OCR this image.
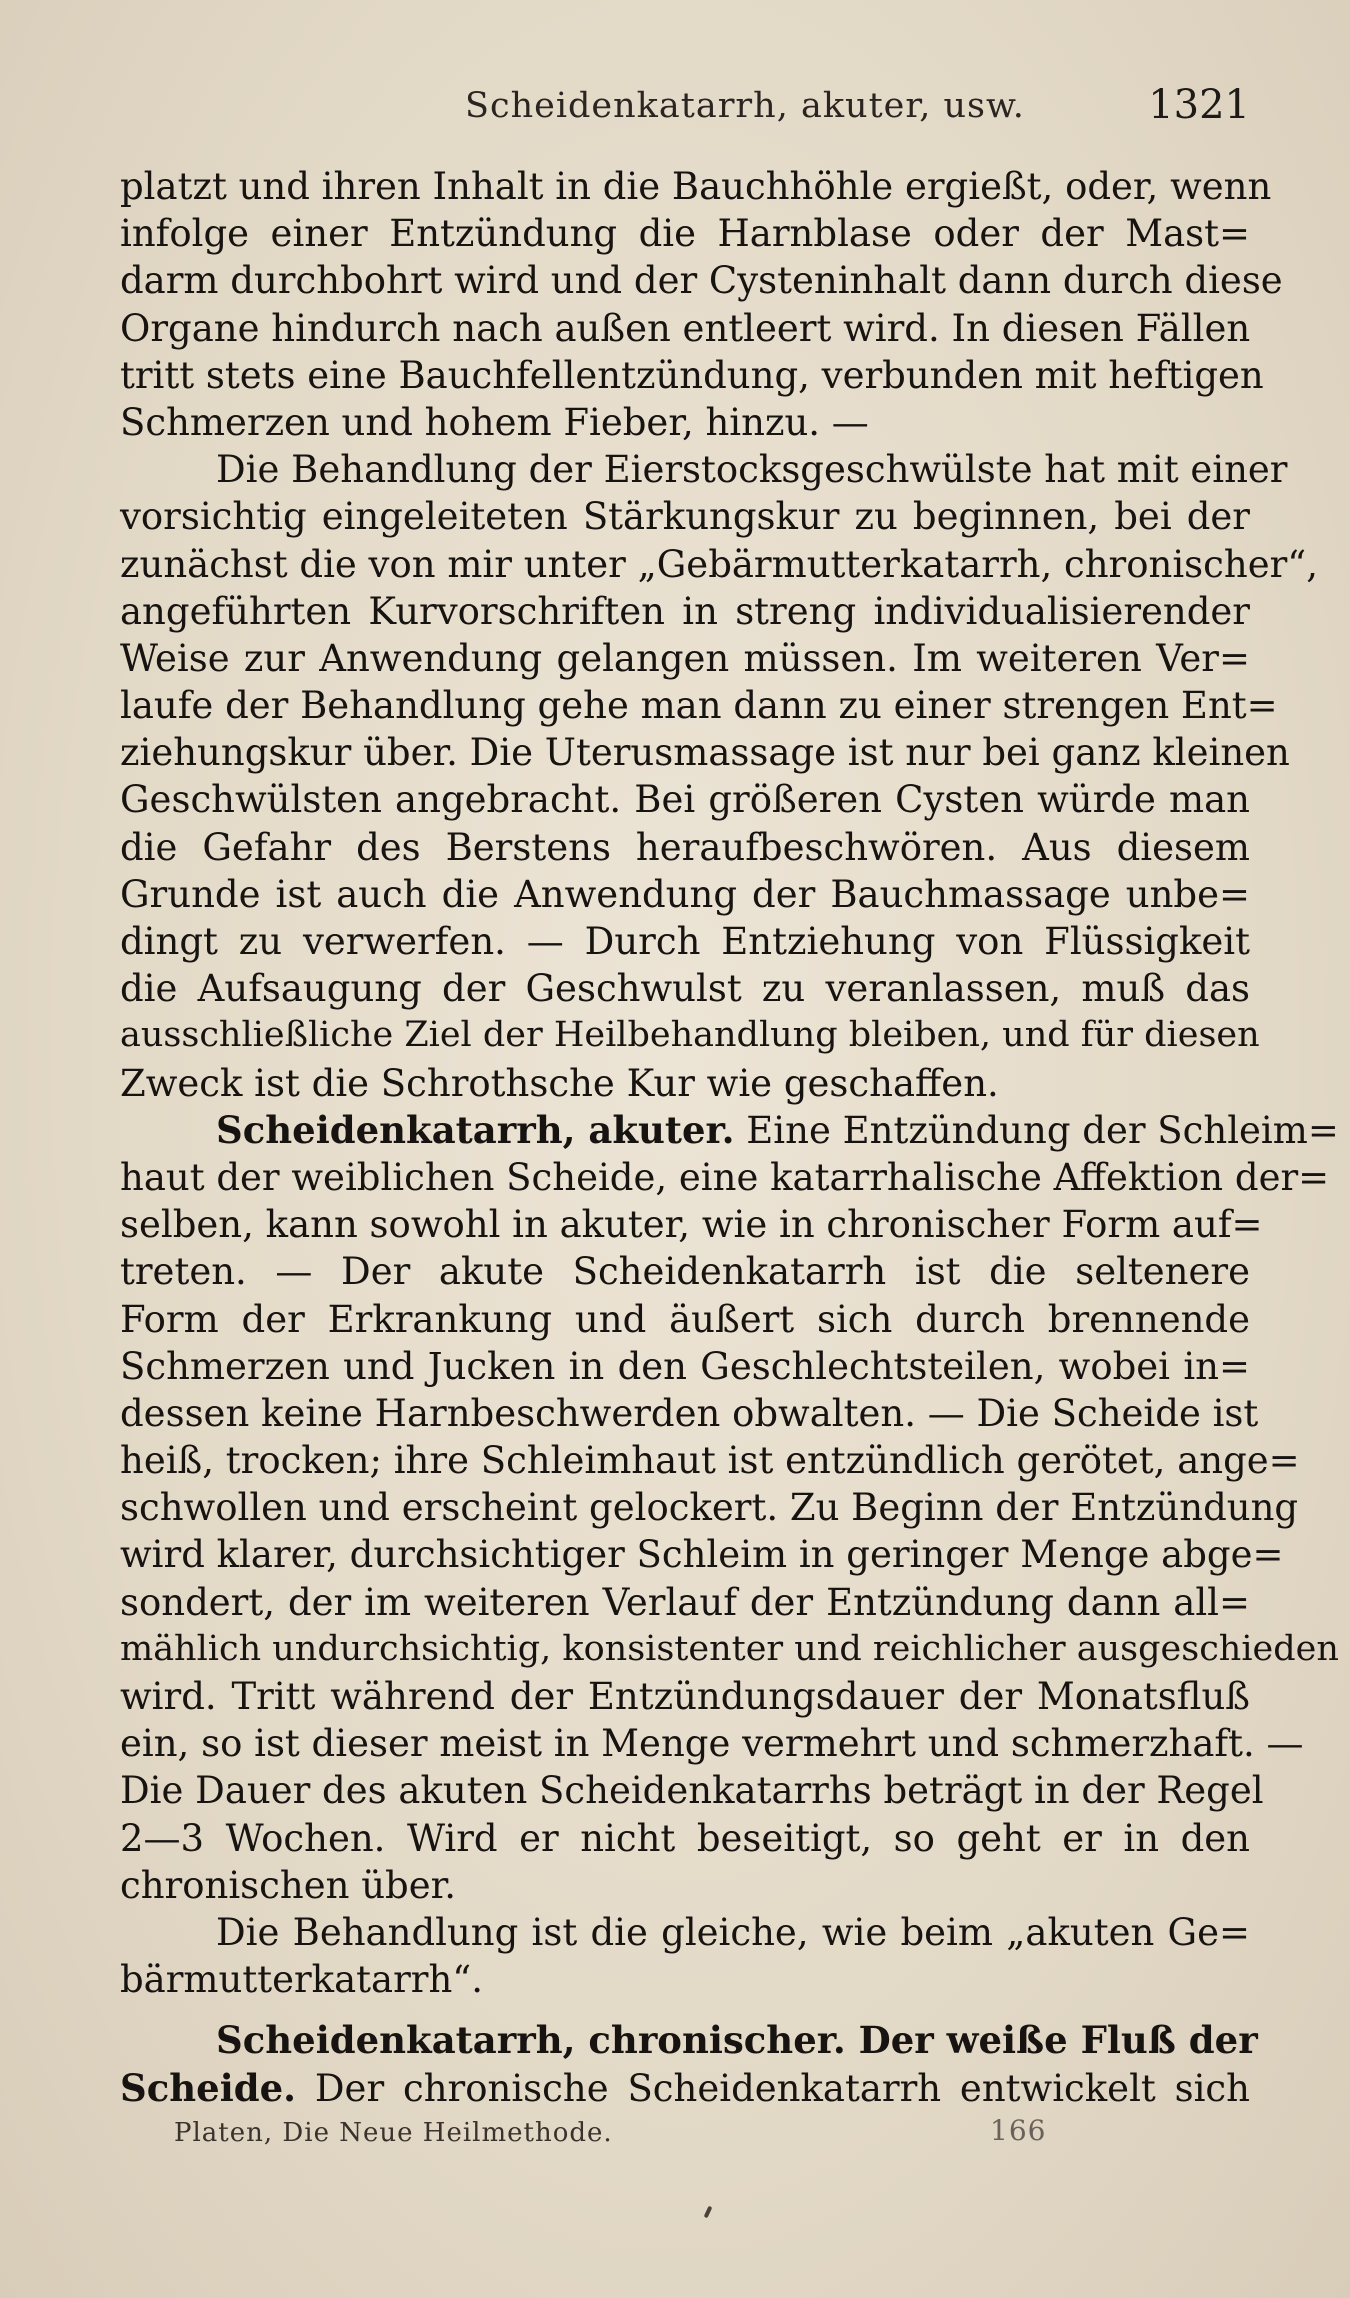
Scheidenkatarrh, akuter, usw.	1321
platzt und ihren Inhalt in die Bauchhöhle ergießt, oder, wenn
infolge einer Entzündung die Harnblase oder der Mast=
darm durchbohrt wird und der Cysteninhalt dann durch diese
Organe hindurch nach außen entleert wird. In diesen Fällen
tritt stets eine Bauchfellentzündung, verbunden mit heftigen
Schmerzen und hohem Fieber, hinzu. —
Die Behandlung der Eierstocksgeschwülste hat mit einer
vorsichtig eingeleiteten Stärkungskur zu beginnen, bei der
zunächst die von mir unter „Gebärmutterkatarrh, chronischer“,
angeführten Kurvorschriften in streng individualisierender
Weise zur Anwendung gelangen müssen. Im weiteren Ver=
laufe der Behandlung gehe man dann zu einer strengen Ent=
ziehungskur über. Die Uterusmassage ist nur bei ganz kleinen
Geschwülsten angebracht. Bei größeren Cysten würde man
die Gefahr des Berstens heraufbeschwören. Aus diesem
Grunde ist auch die Anwendung der Bauchmassage unbe=
dingt zu verwerfen. — Durch Entziehung von Flüssigkeit
die Aufsaugung der Geschwulst zu veranlassen, muß das
ausschließliche Ziel der Heilbehandlung bleiben, und für diesen
Zweck ist die Schrothsche Kur wie geschaffen.
Scheidenkatarrh, akuter. Eine Entzündung der Schleim=
haut der weiblichen Scheide, eine katarrhalische Affektion der=
selben, kann sowohl in akuter, wie in chronischer Form auf=
treten. — Der akute Scheidenkatarrh ist die seltenere
Form der Erkrankung und äußert sich durch brennende
Schmerzen und Jucken in den Geschlechtsteilen, wobei in=
dessen keine Harnbeschwerden obwalten. — Die Scheide ist
heiß, trocken; ihre Schleimhaut ist entzündlich gerötet, ange=
schwollen und erscheint gelockert. Zu Beginn der Entzündung
wird klarer, durchsichtiger Schleim in geringer Menge abge=
sondert, der im weiteren Verlauf der Entzündung dann all=
mählich undurchsichtig, konsistenter und reichlicher ausgeschieden
wird. Tritt während der Entzündungsdauer der Monatsfluß
ein, so ist dieser meist in Menge vermehrt und schmerzhaft. —
Die Dauer des akuten Scheidenkatarrhs beträgt in der Regel
2—3 Wochen. Wird er nicht beseitigt, so geht er in den
chronischen über.
Die Behandlung ist die gleiche, wie beim „akuten Ge=
bärmutterkatarrh“.
Scheidenkatarrh, chronischer. Der weiße Fluß der
Scheide. Der chronische Scheidenkatarrh entwickelt sich
Platen, Die Neue Heilmethode.	166
